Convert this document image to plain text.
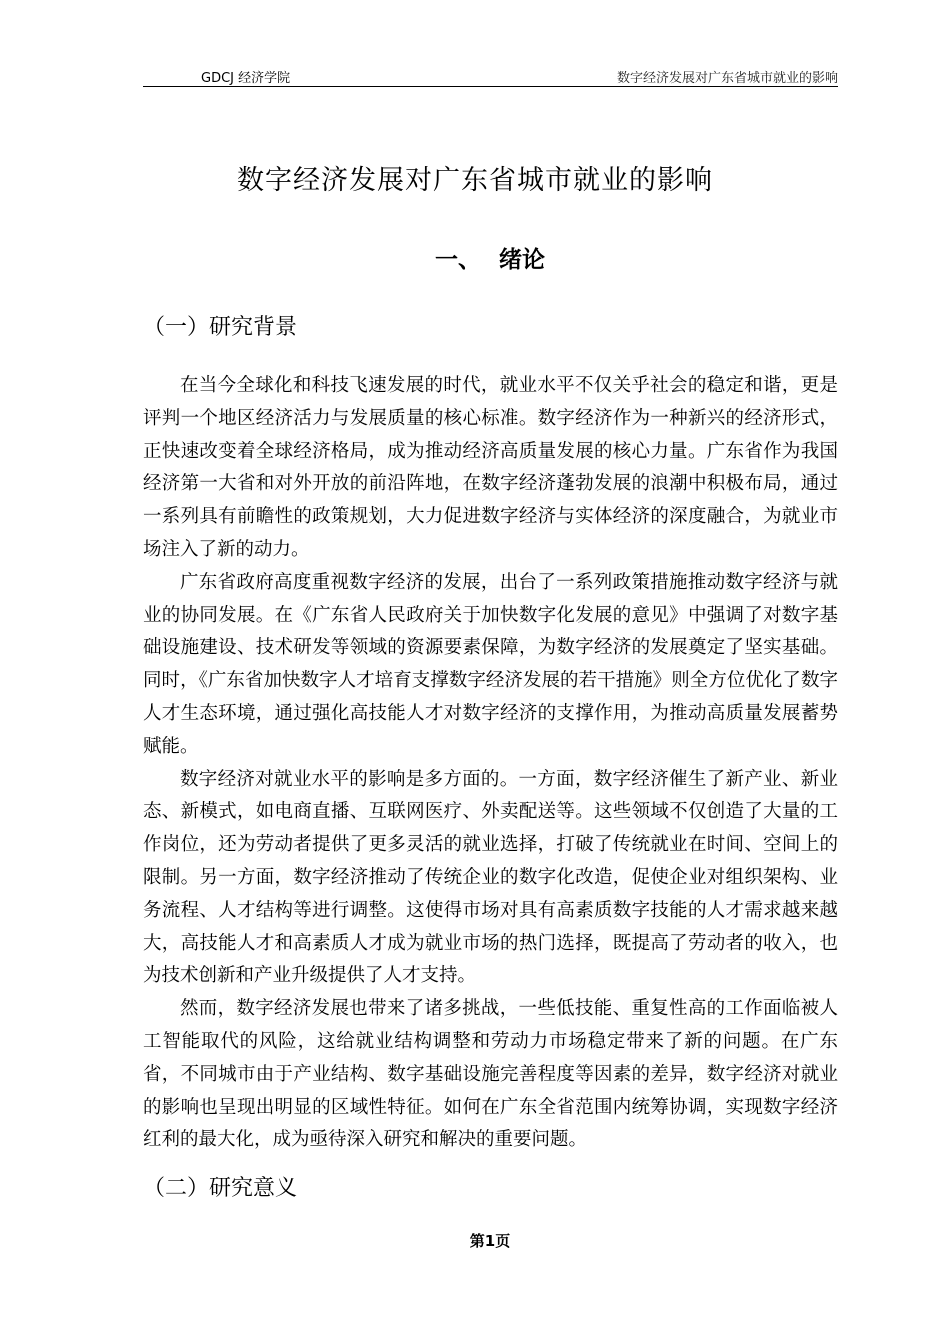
GDCJ 经济学院	数字经济发展对广东省城市就业的影响
数字经济发展对广东省城市就业的影响
一、 绪论
（一）研究背景

在当今全球化和科技飞速发展的时代，就业水平不仅关乎社会的稳定和谐，更是评判一个地区经济活力与发展质量的核心标准。数字经济作为一种新兴的经济形式，正快速改变着全球经济格局，成为推动经济高质量发展的核心力量。广东省作为我国经济第一大省和对外开放的前沿阵地，在数字经济蓬勃发展的浪潮中积极布局，通过一系列具有前瞻性的政策规划，大力促进数字经济与实体经济的深度融合，为就业市场注入了新的动力。

广东省政府高度重视数字经济的发展，出台了一系列政策措施推动数字经济与就业的协同发展。在《广东省人民政府关于加快数字化发展的意见》中强调了对数字基础设施建设、技术研发等领域的资源要素保障，为数字经济的发展奠定了坚实基础。同时，《广东省加快数字人才培育支撑数字经济发展的若干措施》则全方位优化了数字人才生态环境，通过强化高技能人才对数字经济的支撑作用，为推动高质量发展蓄势赋能。

数字经济对就业水平的影响是多方面的。一方面，数字经济催生了新产业、新业态、新模式，如电商直播、互联网医疗、外卖配送等。这些领域不仅创造了大量的工作岗位，还为劳动者提供了更多灵活的就业选择，打破了传统就业在时间、空间上的限制。另一方面，数字经济推动了传统企业的数字化改造，促使企业对组织架构、业务流程、人才结构等进行调整。这使得市场对具有高素质数字技能的人才需求越来越大，高技能人才和高素质人才成为就业市场的热门选择，既提高了劳动者的收入，也为技术创新和产业升级提供了人才支持。

然而，数字经济发展也带来了诸多挑战，一些低技能、重复性高的工作面临被人工智能取代的风险，这给就业结构调整和劳动力市场稳定带来了新的问题。在广东省，不同城市由于产业结构、数字基础设施完善程度等因素的差异，数字经济对就业的影响也呈现出明显的区域性特征。如何在广东全省范围内统筹协调，实现数字经济红利的最大化，成为亟待深入研究和解决的重要问题。

（二）研究意义
第1页
